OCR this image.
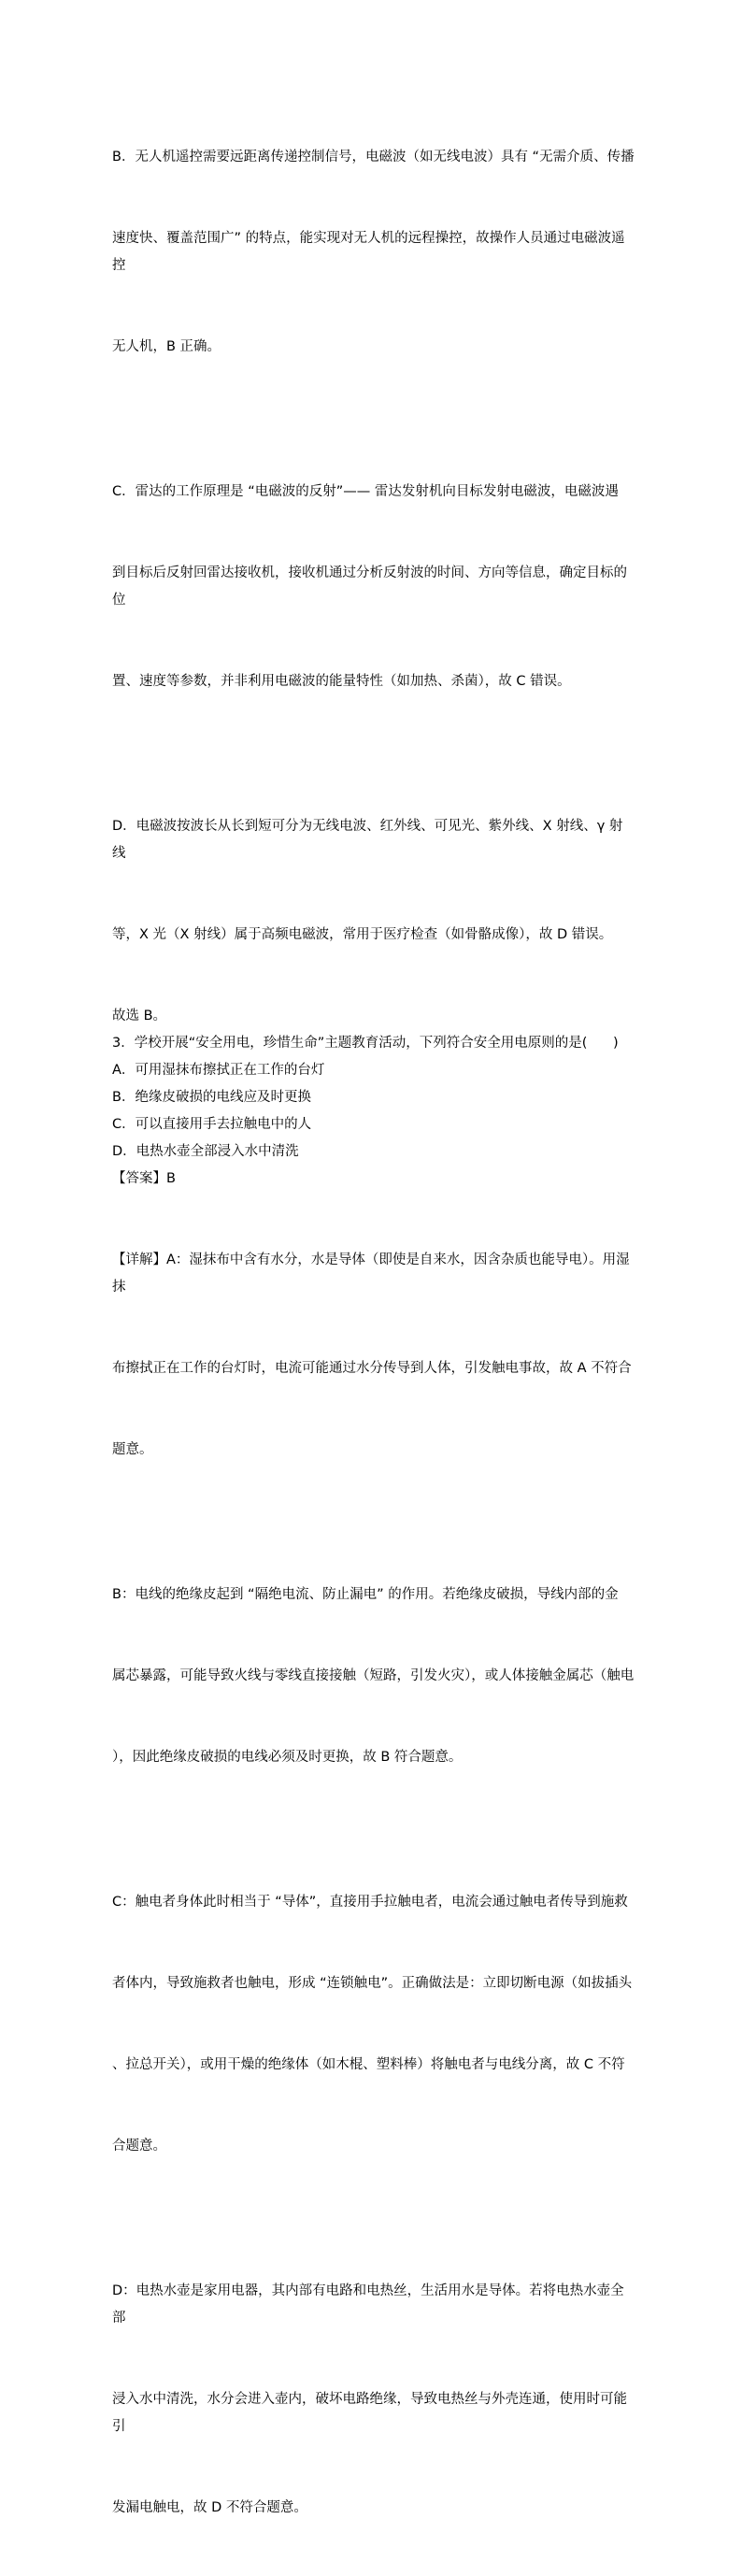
B．无人机遥控需要远距离传递控制信号，电磁波（如无线电波）具有 “无需介质、传播

速度快、覆盖范围广” 的特点，能实现对无人机的远程操控，故操作人员通过电磁波遥控

无人机，B 正确。

C．雷达的工作原理是 “电磁波的反射”—— 雷达发射机向目标发射电磁波，电磁波遇

到目标后反射回雷达接收机，接收机通过分析反射波的时间、方向等信息，确定目标的位

置、速度等参数，并非利用电磁波的能量特性（如加热、杀菌），故 C 错误。

D．电磁波按波长从长到短可分为无线电波、红外线、可见光、紫外线、X 射线、γ 射线

等，X 光（X 射线）属于高频电磁波，常用于医疗检查（如骨骼成像），故 D 错误。

故选 B。

3．学校开展“安全用电，珍惜生命”主题教育活动，下列符合安全用电原则的是(      )

A．可用湿抹布擦拭正在工作的台灯

B．绝缘皮破损的电线应及时更换

C．可以直接用手去拉触电中的人

D．电热水壶全部浸入水中清洗

【答案】B

【详解】A：湿抹布中含有水分，水是导体（即使是自来水，因含杂质也能导电）。用湿抹

布擦拭正在工作的台灯时，电流可能通过水分传导到人体，引发触电事故，故 A 不符合

题意。

B：电线的绝缘皮起到 “隔绝电流、防止漏电” 的作用。若绝缘皮破损，导线内部的金

属芯暴露，可能导致火线与零线直接接触（短路，引发火灾），或人体接触金属芯（触电

），因此绝缘皮破损的电线必须及时更换，故 B 符合题意。

C：触电者身体此时相当于 “导体”，直接用手拉触电者，电流会通过触电者传导到施救

者体内，导致施救者也触电，形成 “连锁触电”。正确做法是：立即切断电源（如拔插头

、拉总开关），或用干燥的绝缘体（如木棍、塑料棒）将触电者与电线分离，故 C 不符

合题意。

D：电热水壶是家用电器，其内部有电路和电热丝，生活用水是导体。若将电热水壶全部

浸入水中清洗，水分会进入壶内，破坏电路绝缘，导致电热丝与外壳连通，使用时可能引

发漏电触电，故 D 不符合题意。
